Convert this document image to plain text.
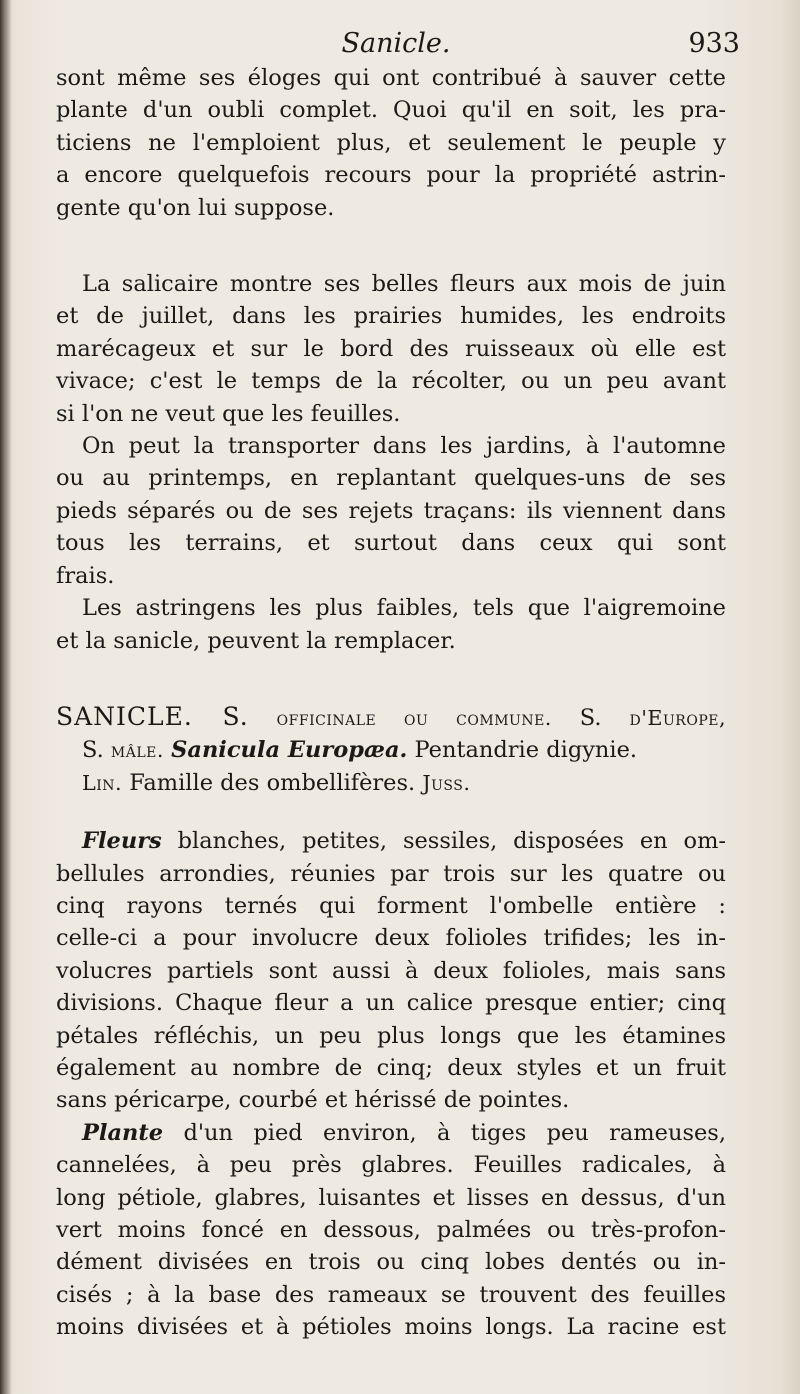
Sanicle.	933

sont même ses éloges qui ont contribué à sauver cette
plante d'un oubli complet. Quoi qu'il en soit, les pra-
ticiens ne l'emploient plus, et seulement le peuple y
a encore quelquefois recours pour la propriété astrin-
gente qu'on lui suppose.

La salicaire montre ses belles fleurs aux mois de juin
et de juillet, dans les prairies humides, les endroits
marécageux et sur le bord des ruisseaux où elle est
vivace; c'est le temps de la récolter, ou un peu avant
si l'on ne veut que les feuilles.

On peut la transporter dans les jardins, à l'automne
ou au printemps, en replantant quelques-uns de ses
pieds séparés ou de ses rejets traçans: ils viennent dans
tous les terrains, et surtout dans ceux qui sont
frais.

Les astringens les plus faibles, tels que l'aigremoine
et la sanicle, peuvent la remplacer.

SANICLE. S. officinale ou commune. S. d'Europe,
S. mâle. Sanicula Europæa. Pentandrie digynie.
Lin. Famille des ombellifères. Juss.

Fleurs blanches, petites, sessiles, disposées en om-
bellules arrondies, réunies par trois sur les quatre ou
cinq rayons ternés qui forment l'ombelle entière :
celle-ci a pour involucre deux folioles trifides; les in-
volucres partiels sont aussi à deux folioles, mais sans
divisions. Chaque fleur a un calice presque entier; cinq
pétales réfléchis, un peu plus longs que les étamines
également au nombre de cinq; deux styles et un fruit
sans péricarpe, courbé et hérissé de pointes.

Plante d'un pied environ, à tiges peu rameuses,
cannelées, à peu près glabres. Feuilles radicales, à
long pétiole, glabres, luisantes et lisses en dessus, d'un
vert moins foncé en dessous, palmées ou très-profon-
dément divisées en trois ou cinq lobes dentés ou in-
cisés ; à la base des rameaux se trouvent des feuilles
moins divisées et à pétioles moins longs. La racine est
